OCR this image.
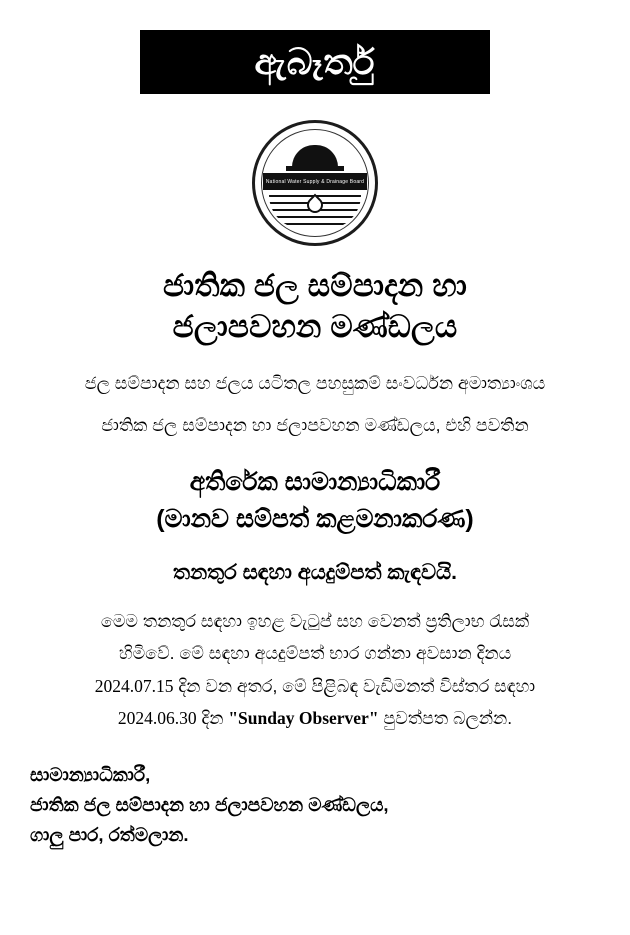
ඇබෑර්තු
National Water Supply & Drainage Board
ජාතික ජල සම්පාදන හා
ජලාපවහන මණ්ඩලය
ජල සම්පාදන සහ ජලය යටිතල පහසුකම් සංවර්ධන අමාත්‍යාංශය
ජාතික ජල සම්පාදන හා ජලාපවහන මණ්ඩලය, එහි පවතින
අතිරේක සාමාන්‍යාධිකාරී
(මානව සම්පත් කළමනාකරණ)
තනතුර සඳහා අයදුම්පත් කැඳවයි.
මෙම තනතුර සඳහා ඉහළ වැටුප් සහ වෙනත් ප්‍රතිලාභ රැසක්
හිමිවේ. මේ සඳහා අයදුම්පත් භාර ගන්නා අවසාන දිනය
2024.07.15 දින වන අතර, මේ පිළිබඳ වැඩිමනත් විස්තර සඳහා
2024.06.30 දින "Sunday Observer" පුවත්පත බලන්න.
සාමාන්‍යාධිකාරී,
ජාතික ජල සම්පාදන හා ජලාපවහන මණ්ඩලය,
ගාලු පාර, රත්මලාන.
